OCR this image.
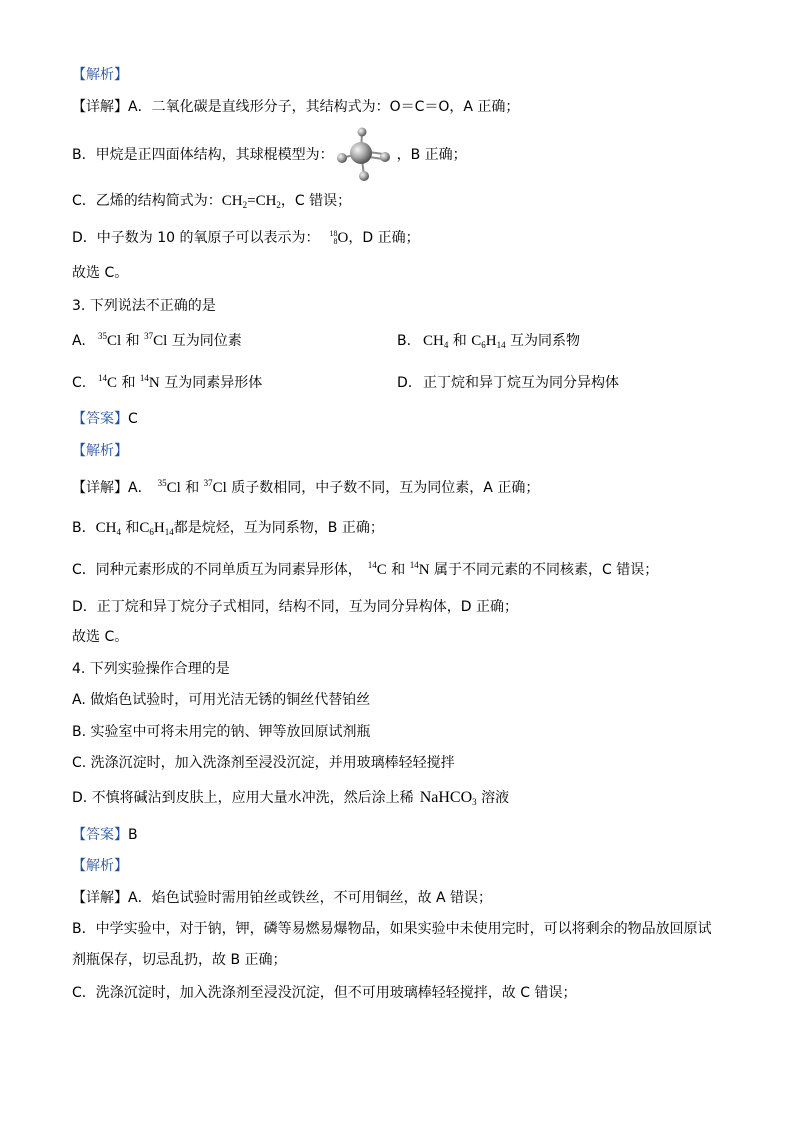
【解析】
【详解】A．二氧化碳是直线形分子，其结构式为：O＝C＝O，A 正确；
B．甲烷是正四面体结构，其球棍模型为：	，B 正确；
C．乙烯的结构简式为：$CH_2=CH_2$，C 错误；
D．中子数为 10 的氧原子可以表示为： 18
8 O，D 正确；
故选 C。
3. 下列说法不正确的是
A. $^{35}$Cl 和 $^{37}$Cl 互为同位素	B. $CH_4$ 和 $C_6H_{14}$ 互为同系物
C. $^{14}$C 和 $^{14}$N 互为同素异形体	D. 正丁烷和异丁烷互为同分异构体
【答案】C
【解析】
【详解】A． $^{35}$Cl 和 $^{37}$Cl 质子数相同，中子数不同，互为同位素，A 正确；
B．$CH_4$ 和$C_6H_{14}$都是烷烃，互为同系物，B 正确；
C．同种元素形成的不同单质互为同素异形体， $^{14}$C 和 $^{14}$N 属于不同元素的不同核素，C 错误；
D．正丁烷和异丁烷分子式相同，结构不同，互为同分异构体，D 正确；
故选 C。
4. 下列实验操作合理的是
A. 做焰色试验时，可用光洁无锈的铜丝代替铂丝
B. 实验室中可将未用完的钠、钾等放回原试剂瓶
C. 洗涤沉淀时，加入洗涤剂至浸没沉淀，并用玻璃棒轻轻搅拌
D. 不慎将碱沾到皮肤上，应用大量水冲洗，然后涂上稀 NaHCO$_3$ 溶液
【答案】B
【解析】
【详解】A．焰色试验时需用铂丝或铁丝，不可用铜丝，故 A 错误；
B．中学实验中，对于钠，钾，磷等易燃易爆物品，如果实验中未使用完时，可以将剩余的物品放回原试
剂瓶保存，切忌乱扔，故 B 正确；
C．洗涤沉淀时，加入洗涤剂至浸没沉淀，但不可用玻璃棒轻轻搅拌，故 C 错误；
